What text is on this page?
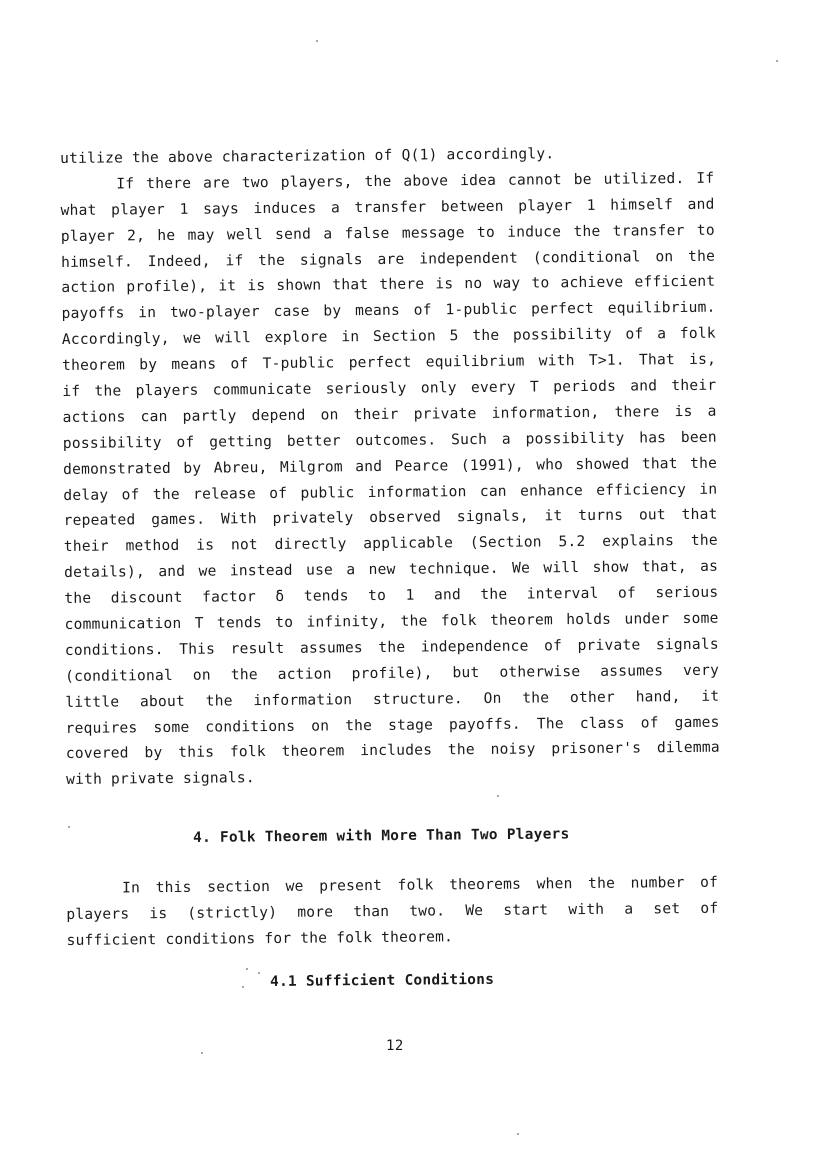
utilize the above characterization of Q(1) accordingly.
If there are two players, the above idea cannot be utilized. If
what player 1 says induces a transfer between player 1 himself and
player 2, he may well send a false message to induce the transfer to
himself. Indeed, if the signals are independent (conditional on the
action profile), it is shown that there is no way to achieve efficient
payoffs in two-player case by means of 1-public perfect equilibrium.
Accordingly, we will explore in Section 5 the possibility of a folk
theorem by means of T-public perfect equilibrium with T>1. That is,
if the players communicate seriously only every T periods and their
actions can partly depend on their private information, there is a
possibility of getting better outcomes. Such a possibility has been
demonstrated by Abreu, Milgrom and Pearce (1991), who showed that the
delay of the release of public information can enhance efficiency in
repeated games. With privately observed signals, it turns out that
their method is not directly applicable (Section 5.2 explains the
details), and we instead use a new technique. We will show that, as
the discount factor δ tends to 1 and the interval of serious
communication T tends to infinity, the folk theorem holds under some
conditions. This result assumes the independence of private signals
(conditional on the action profile), but otherwise assumes very
little about the information structure. On the other hand, it
requires some conditions on the stage payoffs. The class of games
covered by this folk theorem includes the noisy prisoner's dilemma
with private signals.
4. Folk Theorem with More Than Two Players
In this section we present folk theorems when the number of
players is (strictly) more than two. We start with a set of
sufficient conditions for the folk theorem.
4.1 Sufficient Conditions
12
